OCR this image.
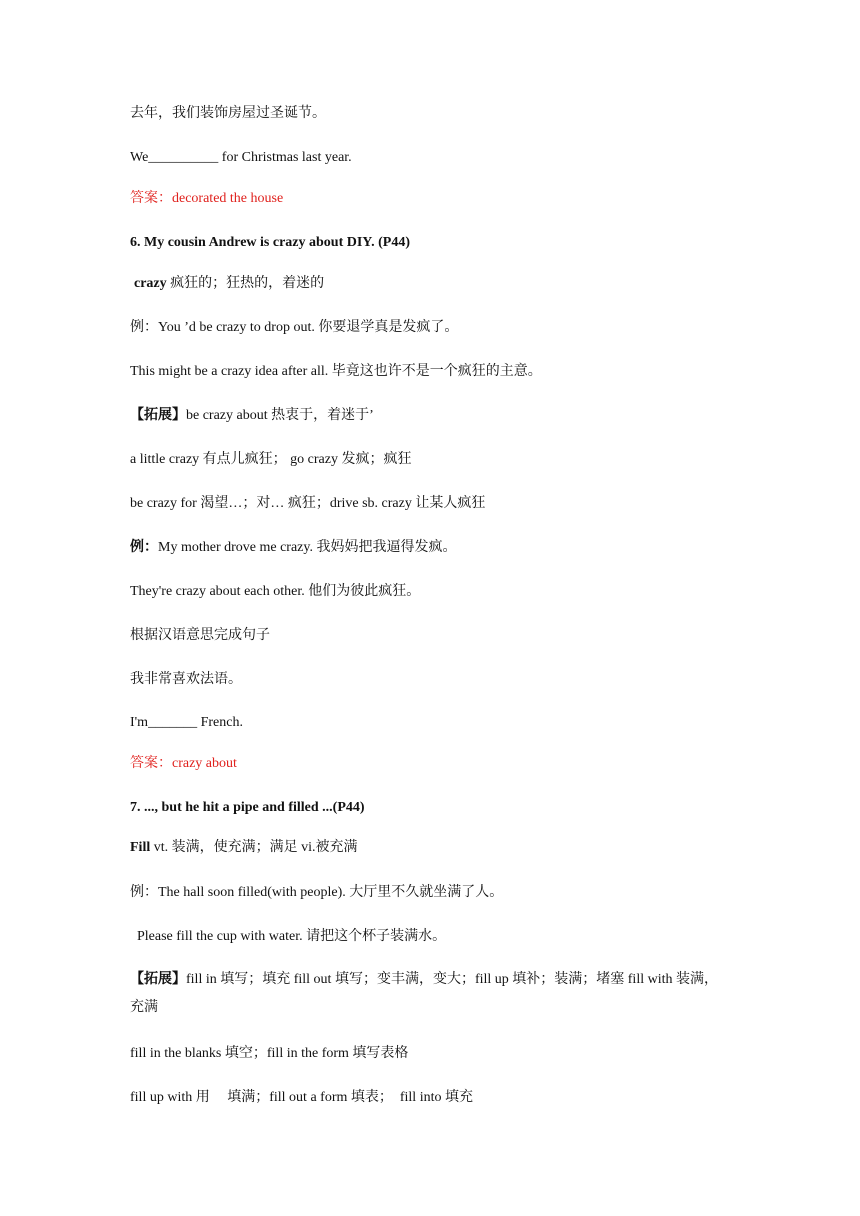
去年，我们装饰房屋过圣诞节。
We__________ for Christmas last year.
答案：decorated the house
6. My cousin Andrew is crazy about DIY. (P44)
crazy 疯狂的；狂热的，着迷的
例：You ’d be crazy to drop out. 你要退学真是发疯了。
This might be a crazy idea after all. 毕竟这也许不是一个疯狂的主意。
【拓展】be crazy about 热衷于，着迷于’
a little crazy 有点儿疯狂； go crazy 发疯；疯狂
be crazy for 渴望…；对… 疯狂；drive sb. crazy 让某人疯狂
例：My mother drove me crazy. 我妈妈把我逼得发疯。
They're crazy about each other. 他们为彼此疯狂。
根据汉语意思完成句子
我非常喜欢法语。
I'm_______ French.
答案：crazy about
7. ..., but he hit a pipe and filled ...(P44)
Fill vt. 装满，使充满；满足 vi.被充满
例：The hall soon filled(with people). 大厅里不久就坐满了人。
Please fill the cup with water. 请把这个杯子装满水。
【拓展】fill in 填写；填充 fill out 填写；变丰满，变大；fill up 填补；装满；堵塞 fill with 装满，充满
fill in the blanks 填空；fill in the form 填写表格
fill up with 用　 填满；fill out a form 填表；  fill into 填充
